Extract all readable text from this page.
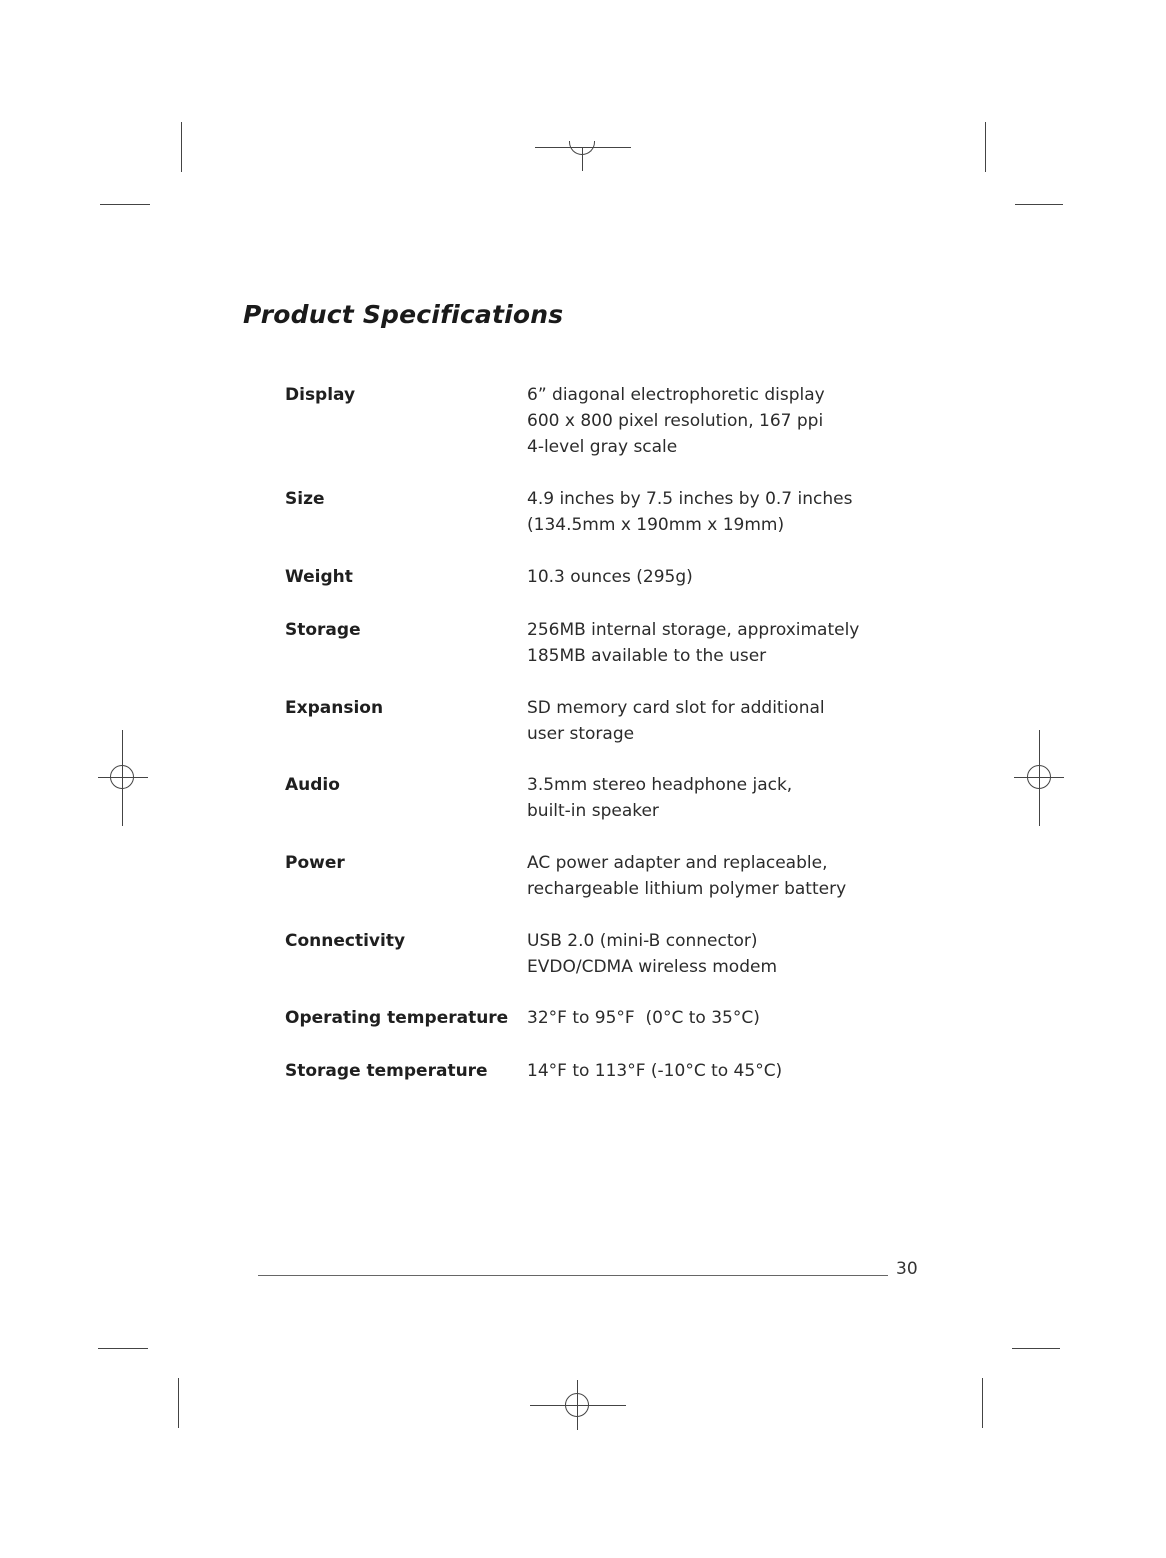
Product Specifications
Display	6” diagonal electrophoretic display
600 x 800 pixel resolution, 167 ppi
4-level gray scale
Size	4.9 inches by 7.5 inches by 0.7 inches
(134.5mm x 190mm x 19mm)
Weight	10.3 ounces (295g)
Storage	256MB internal storage, approximately
185MB available to the user
Expansion	SD memory card slot for additional
user storage
Audio	3.5mm stereo headphone jack,
built-in speaker
Power	AC power adapter and replaceable,
rechargeable lithium polymer battery
Connectivity	USB 2.0 (mini-B connector)
EVDO/CDMA wireless modem
Operating temperature 32°F to 95°F  (0°C to 35°C)
Storage temperature 14°F to 113°F (-10°C to 45°C)
30
